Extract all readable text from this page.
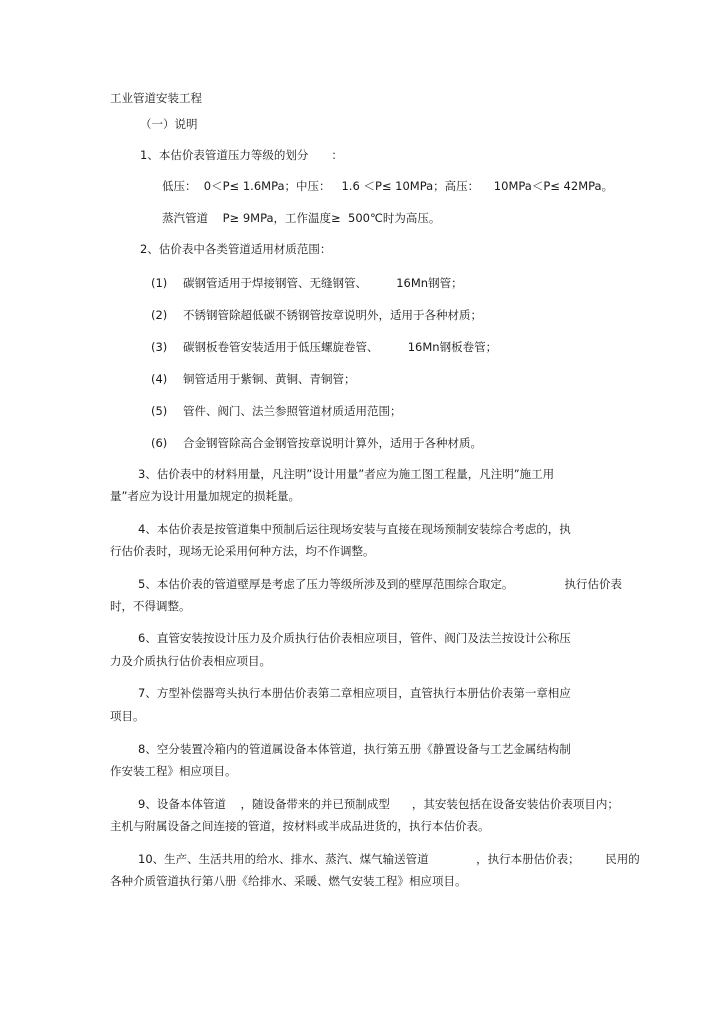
工业管道安装工程

（一）说明

1、本估价表管道压力等级的划分　　：

低压：  0＜P≤ 1.6MPa；中压：   1.6 ＜P≤ 10MPa；高压：    10MPa＜P≤ 42MPa。

蒸汽管道    P≥ 9MPa，工作温度≥  500℃时为高压。

2、估价表中各类管道适用材质范围：

(1) 碳钢管适用于焊接钢管、无缝钢管、        16Mn钢管；

(2) 不锈钢管除超低碳不锈钢管按章说明外，适用于各种材质；

(3) 碳钢板卷管安装适用于低压螺旋卷管、        16Mn钢板卷管；

(4) 铜管适用于紫铜、黄铜、青铜管；

(5) 管件、阀门、法兰参照管道材质适用范围；

(6) 合金钢管除高合金钢管按章说明计算外，适用于各种材质。

3、估价表中的材料用量，凡注明”设计用量”者应为施工图工程量，凡注明”施工用

量”者应为设计用量加规定的损耗量。

4、本估价表是按管道集中预制后运往现场安装与直接在现场预制安装综合考虑的，执

行估价表时，现场无论采用何种方法，均不作调整。

5、本估价表的管道壁厚是考虑了压力等级所涉及到的壁厚范围综合取定。              执行估价表

时，不得调整。

6、直管安装按设计压力及介质执行估价表相应项目，管件、阀门及法兰按设计公称压

力及介质执行估价表相应项目。

7、方型补偿器弯头执行本册估价表第二章相应项目，直管执行本册估价表第一章相应

项目。

8、空分装置冷箱内的管道属设备本体管道，执行第五册《静置设备与工艺金属结构制

作安装工程》相应项目。

9、设备本体管道    ，随设备带来的并已预制成型      ，其安装包括在设备安装估价表项目内；

主机与附属设备之间连接的管道，按材料或半成品进货的，执行本估价表。

10、生产、生活共用的给水、排水、蒸汽、煤气输送管道             ，执行本册估价表；       民用的

各种介质管道执行第八册《给排水、采暖、燃气安装工程》相应项目。
